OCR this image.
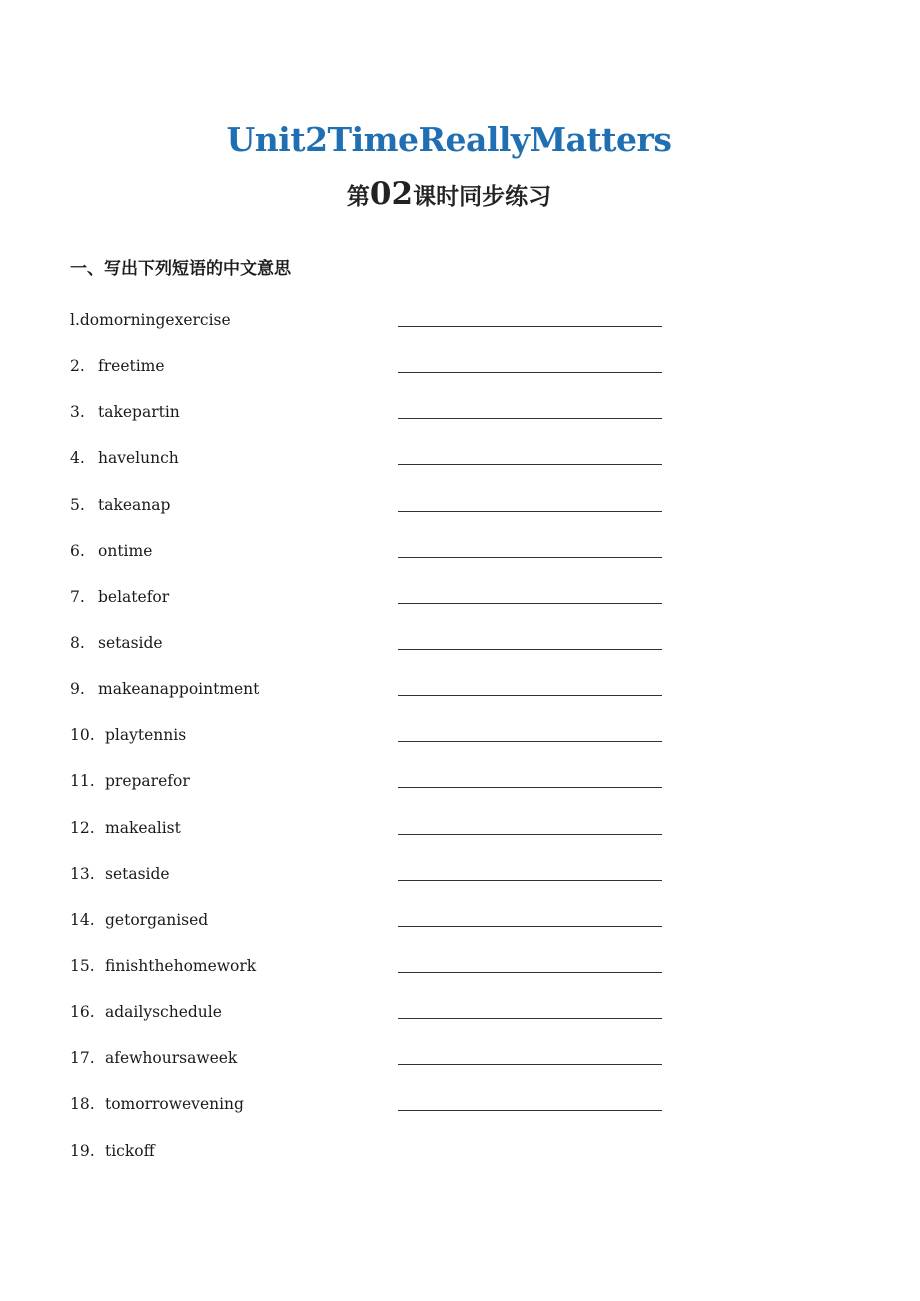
Unit2TimeReallyMatters
第02课时同步练习
一、写出下列短语的中文意思
l.domorningexercise
2. freetime
3. takepartin
4. havelunch
5. takeanap
6. ontime
7. belatefor
8. setaside
9. makeanappointment
10. playtennis
11. preparefor
12. makealist
13. setaside
14. getorganised
15. finishthehomework
16. adailyschedule
17. afewhoursaweek
18. tomorrowevening
19. tickoff
